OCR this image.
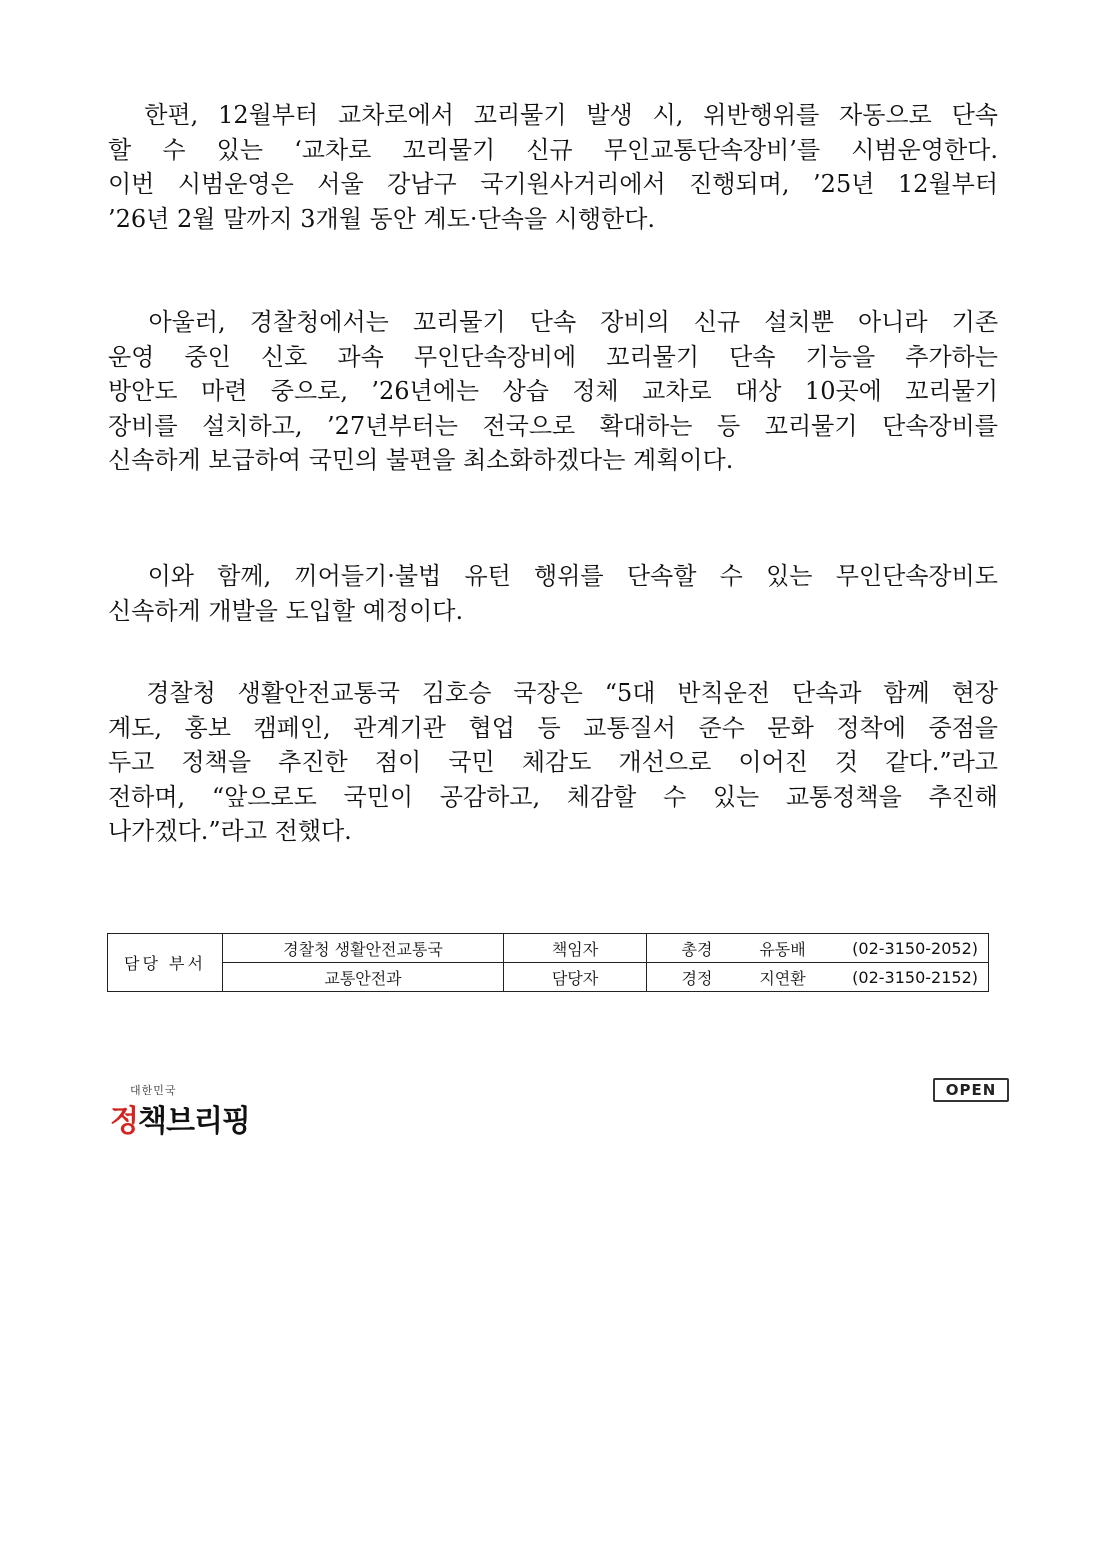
　한편, 12월부터 교차로에서 꼬리물기 발생 시, 위반행위를 자동으로 단속
할 수 있는 ‘교차로 꼬리물기 신규 무인교통단속장비’를 시범운영한다.
이번 시범운영은 서울 강남구 국기원사거리에서 진행되며, ’25년 12월부터
’26년 2월 말까지 3개월 동안 계도·단속을 시행한다.
　아울러, 경찰청에서는 꼬리물기 단속 장비의 신규 설치뿐 아니라 기존
운영 중인 신호 과속 무인단속장비에 꼬리물기 단속 기능을 추가하는
방안도 마련 중으로, ’26년에는 상습 정체 교차로 대상 10곳에 꼬리물기
장비를 설치하고, ’27년부터는 전국으로 확대하는 등 꼬리물기 단속장비를
신속하게 보급하여 국민의 불편을 최소화하겠다는 계획이다.
　이와 함께, 끼어들기·불법 유턴 행위를 단속할 수 있는 무인단속장비도
신속하게 개발을 도입할 예정이다.
　경찰청 생활안전교통국 김호승 국장은 “5대 반칙운전 단속과 함께 현장
계도, 홍보 캠페인, 관계기관 협업 등 교통질서 준수 문화 정착에 중점을
두고 정책을 추진한 점이 국민 체감도 개선으로 이어진 것 같다.”라고
전하며, “앞으로도 국민이 공감하고, 체감할 수 있는 교통정책을 추진해
나가겠다.”라고 전했다.
담당 부서	경찰청 생활안전교통국	책임자	총경 유동배 (02-3150-2052)

	교통안전과	담당자	경정 지연환 (02-3150-2152)
대한민국
정책브리핑
OPEN
